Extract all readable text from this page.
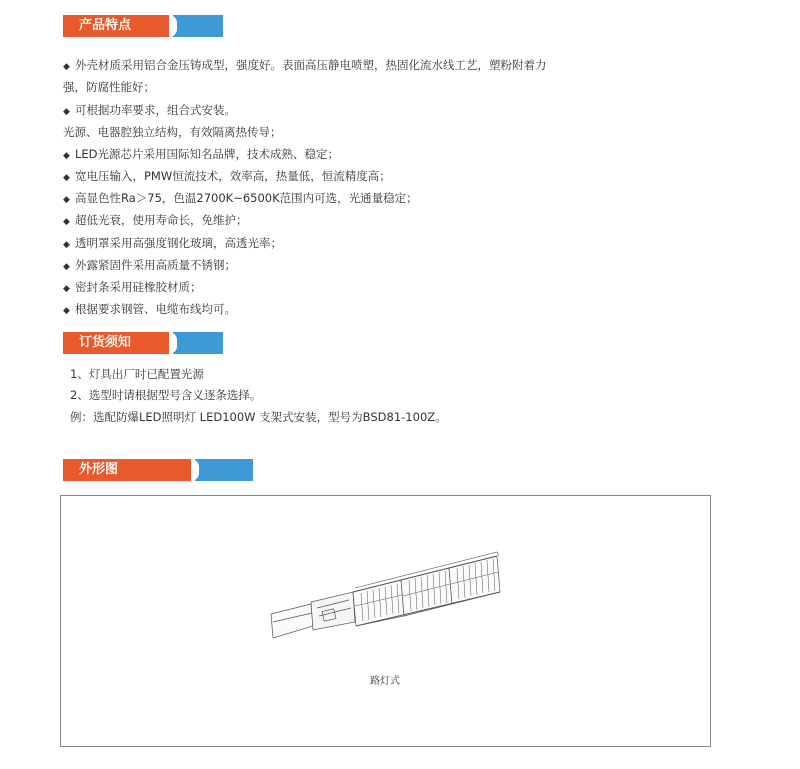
产品特点
◆ 外壳材质采用铝合金压铸成型，强度好。表面高压静电喷塑，热固化流水线工艺，塑粉附着力
强，防腐性能好；
◆ 可根据功率要求，组合式安装。
光源、电器腔独立结构，有效隔离热传导；
◆ LED光源芯片采用国际知名品牌，技术成熟、稳定；
◆ 宽电压输入，PMW恒流技术，效率高，热量低，恒流精度高；
◆ 高显色性Ra＞75，色温2700K~6500K范围内可选，光通量稳定；
◆ 超低光衰，使用寿命长，免维护；
◆ 透明罩采用高强度钢化玻璃，高透光率；
◆ 外露紧固件采用高质量不锈钢；
◆ 密封条采用硅橡胶材质；
◆ 根据要求钢管、电缆布线均可。
订货须知
1、灯具出厂时已配置光源
2、选型时请根据型号含义逐条选择。
例：选配防爆LED照明灯 LED100W 支架式安装，型号为BSD81-100Z。
外形图
路灯式
